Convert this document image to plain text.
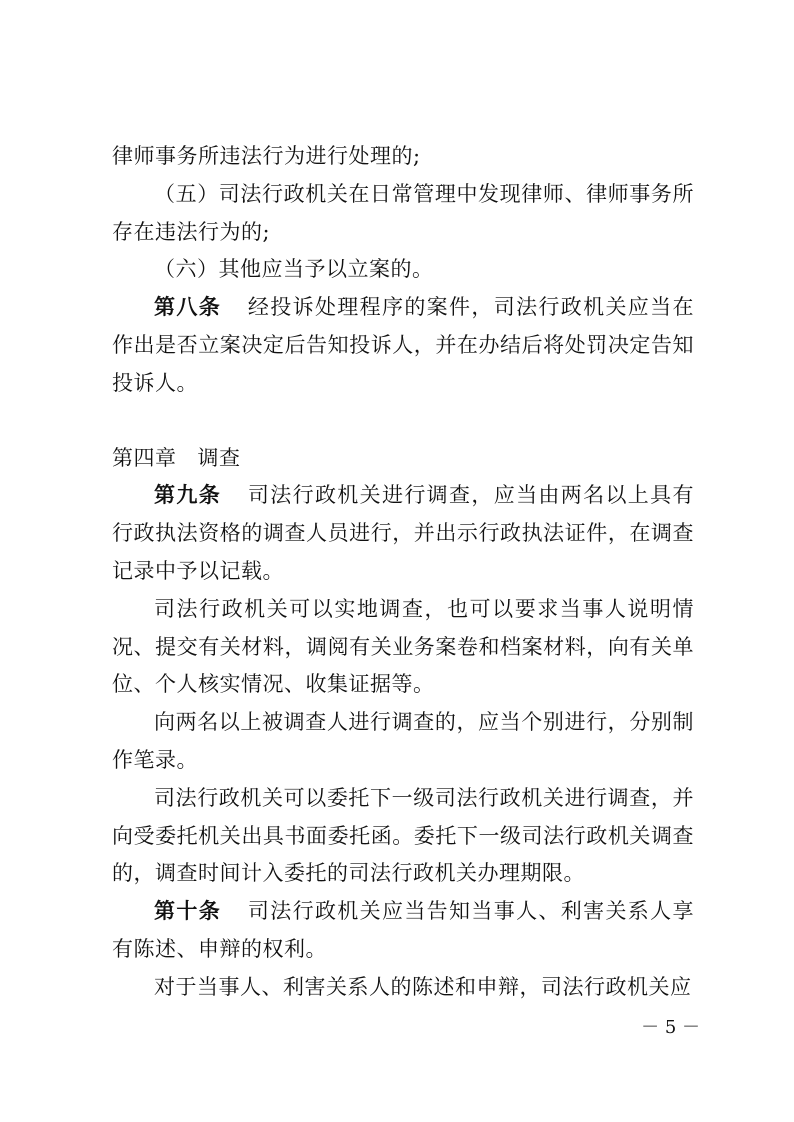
律师事务所违法行为进行处理的;

（五）司法行政机关在日常管理中发现律师、律师事务所存在违法行为的;

（六）其他应当予以立案的。

第八条 经投诉处理程序的案件，司法行政机关应当在作出是否立案决定后告知投诉人，并在办结后将处罚决定告知投诉人。

第四章 调查

第九条 司法行政机关进行调查，应当由两名以上具有行政执法资格的调查人员进行，并出示行政执法证件，在调查记录中予以记载。

司法行政机关可以实地调查，也可以要求当事人说明情况、提交有关材料，调阅有关业务案卷和档案材料，向有关单位、个人核实情况、收集证据等。

向两名以上被调查人进行调查的，应当个别进行，分别制作笔录。

司法行政机关可以委托下一级司法行政机关进行调查，并向受委托机关出具书面委托函。委托下一级司法行政机关调查的，调查时间计入委托的司法行政机关办理期限。

第十条 司法行政机关应当告知当事人、利害关系人享有陈述、申辩的权利。

对于当事人、利害关系人的陈述和申辩，司法行政机关应

－ 5 －
